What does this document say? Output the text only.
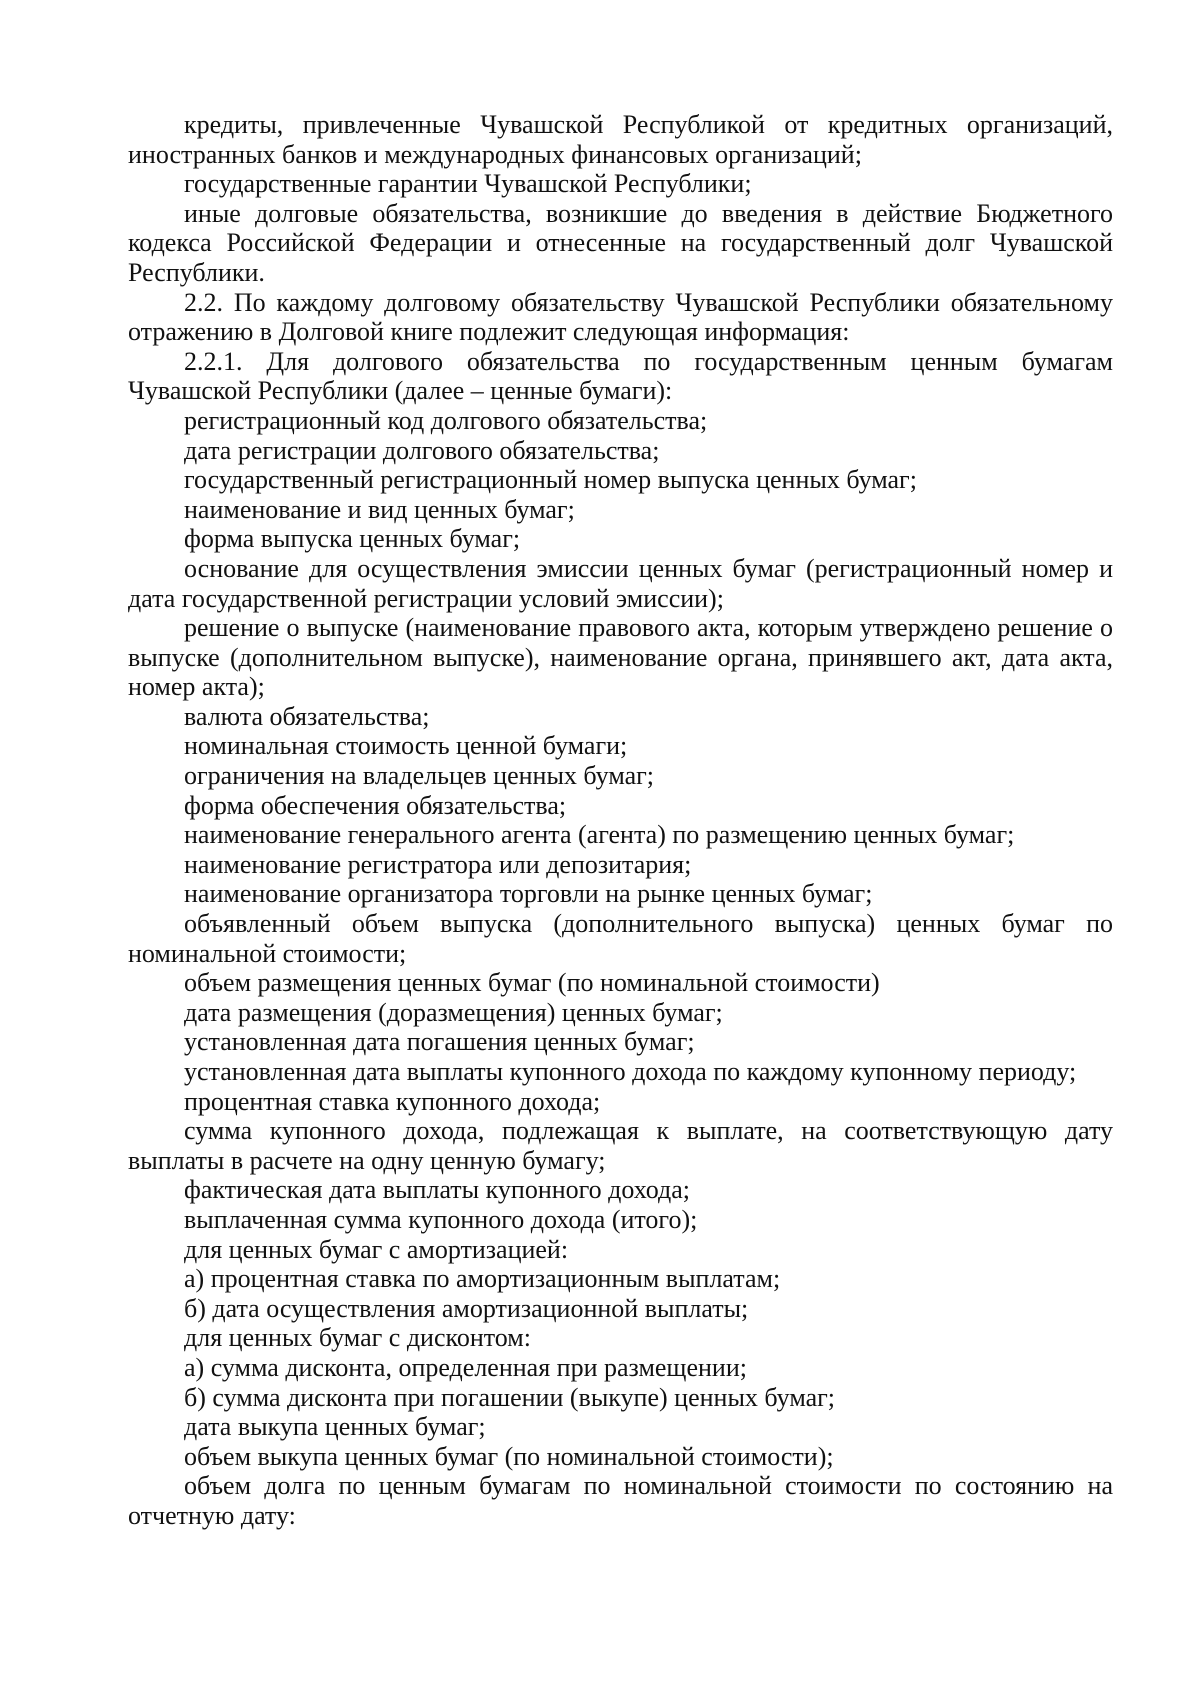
кредиты, привлеченные Чувашской Республикой от кредитных организаций, иностранных банков и международных финансовых организаций;

государственные гарантии Чувашской Республики;

иные долговые обязательства, возникшие до введения в действие Бюджетного кодекса Российской Федерации и отнесенные на государственный долг Чувашской Республики.

2.2. По каждому долговому обязательству Чувашской Республики обязательному отражению в Долговой книге подлежит следующая информация:

2.2.1. Для долгового обязательства по государственным ценным бумагам Чувашской Республики (далее – ценные бумаги):

регистрационный код долгового обязательства;

дата регистрации долгового обязательства;

государственный регистрационный номер выпуска ценных бумаг;

наименование и вид ценных бумаг;

форма выпуска ценных бумаг;

основание для осуществления эмиссии ценных бумаг (регистрационный номер и дата государственной регистрации условий эмиссии);

решение о выпуске (наименование правового акта, которым утверждено решение о выпуске (дополнительном выпуске), наименование органа, принявшего акт, дата акта, номер акта);

валюта обязательства;

номинальная стоимость ценной бумаги;

ограничения на владельцев ценных бумаг;

форма обеспечения обязательства;

наименование генерального агента (агента) по размещению ценных бумаг;

наименование регистратора или депозитария;

наименование организатора торговли на рынке ценных бумаг;

объявленный объем выпуска (дополнительного выпуска) ценных бумаг по номинальной стоимости;

объем размещения ценных бумаг (по номинальной стоимости)

дата размещения (доразмещения) ценных бумаг;

установленная дата погашения ценных бумаг;

установленная дата выплаты купонного дохода по каждому купонному периоду;

процентная ставка купонного дохода;

сумма купонного дохода, подлежащая к выплате, на соответствующую дату выплаты в расчете на одну ценную бумагу;

фактическая дата выплаты купонного дохода;

выплаченная сумма купонного дохода (итого);

для ценных бумаг с амортизацией:

а) процентная ставка по амортизационным выплатам;

б) дата осуществления амортизационной выплаты;

для ценных бумаг с дисконтом:

а) сумма дисконта, определенная при размещении;

б) сумма дисконта при погашении (выкупе) ценных бумаг;

дата выкупа ценных бумаг;

объем выкупа ценных бумаг (по номинальной стоимости);

объем долга по ценным бумагам по номинальной стоимости по состоянию на отчетную дату:
